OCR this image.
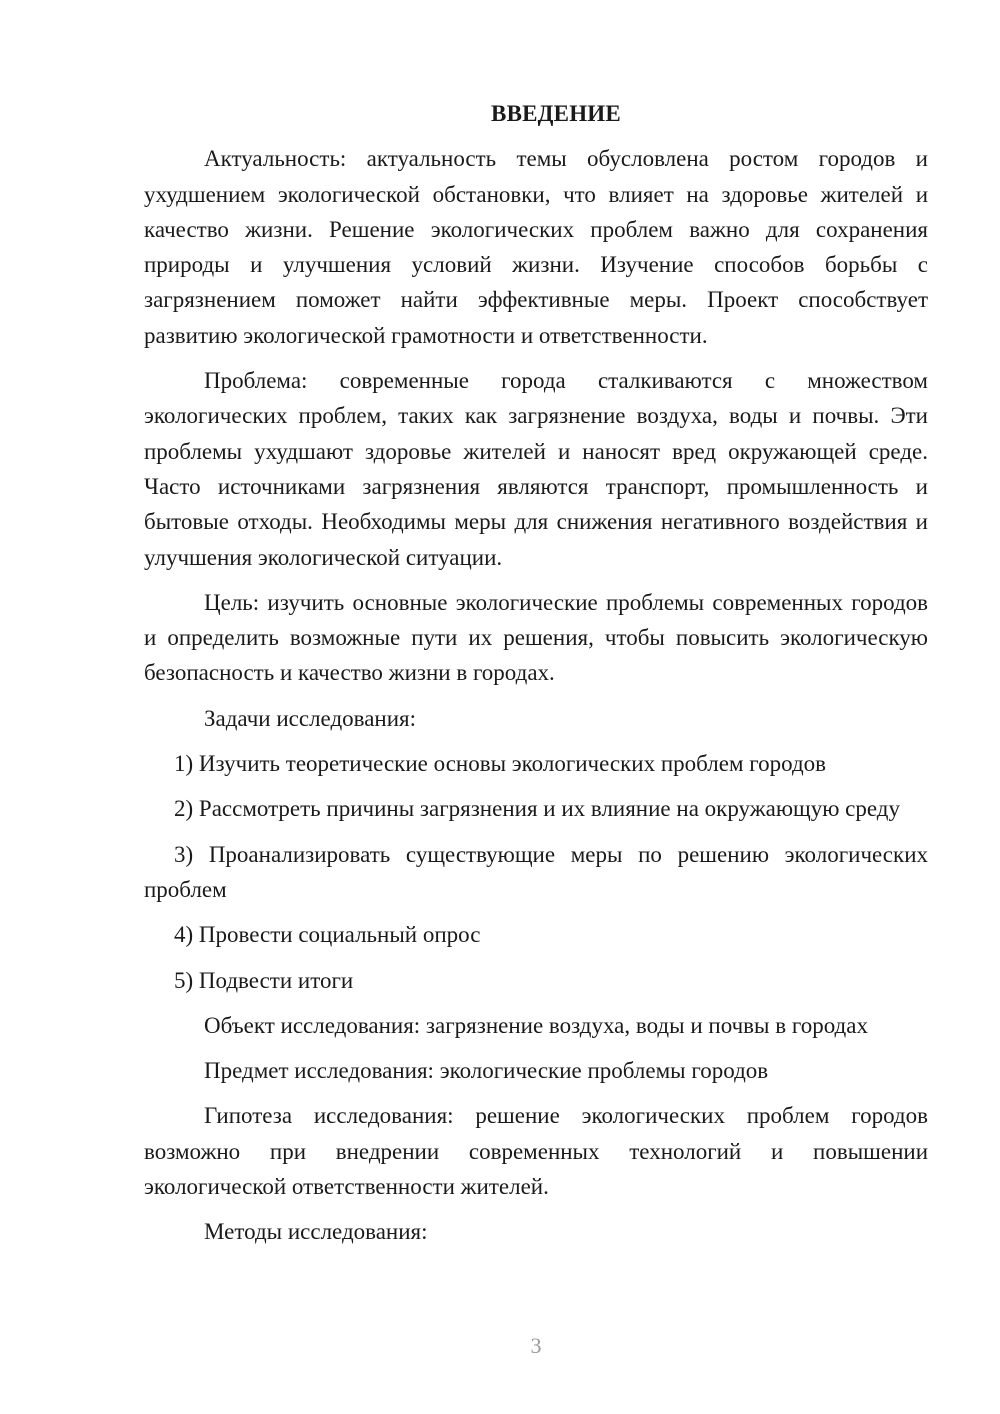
ВВЕДЕНИЕ

Актуальность: актуальность темы обусловлена ростом городов и ухудшением экологической обстановки, что влияет на здоровье жителей и качество жизни. Решение экологических проблем важно для сохранения природы и улучшения условий жизни. Изучение способов борьбы с загрязнением поможет найти эффективные меры. Проект способствует развитию экологической грамотности и ответственности.

Проблема: современные города сталкиваются с множеством экологических проблем, таких как загрязнение воздуха, воды и почвы. Эти проблемы ухудшают здоровье жителей и наносят вред окружающей среде. Часто источниками загрязнения являются транспорт, промышленность и бытовые отходы. Необходимы меры для снижения негативного воздействия и улучшения экологической ситуации.

Цель: изучить основные экологические проблемы современных городов и определить возможные пути их решения, чтобы повысить экологическую безопасность и качество жизни в городах.

Задачи исследования:

1) Изучить теоретические основы экологических проблем городов

2) Рассмотреть причины загрязнения и их влияние на окружающую среду

3) Проанализировать существующие меры по решению экологических проблем

4) Провести социальный опрос

5) Подвести итоги

Объект исследования: загрязнение воздуха, воды и почвы в городах

Предмет исследования: экологические проблемы городов

Гипотеза исследования: решение экологических проблем городов возможно при внедрении современных технологий и повышении экологической ответственности жителей.

Методы исследования:

3
